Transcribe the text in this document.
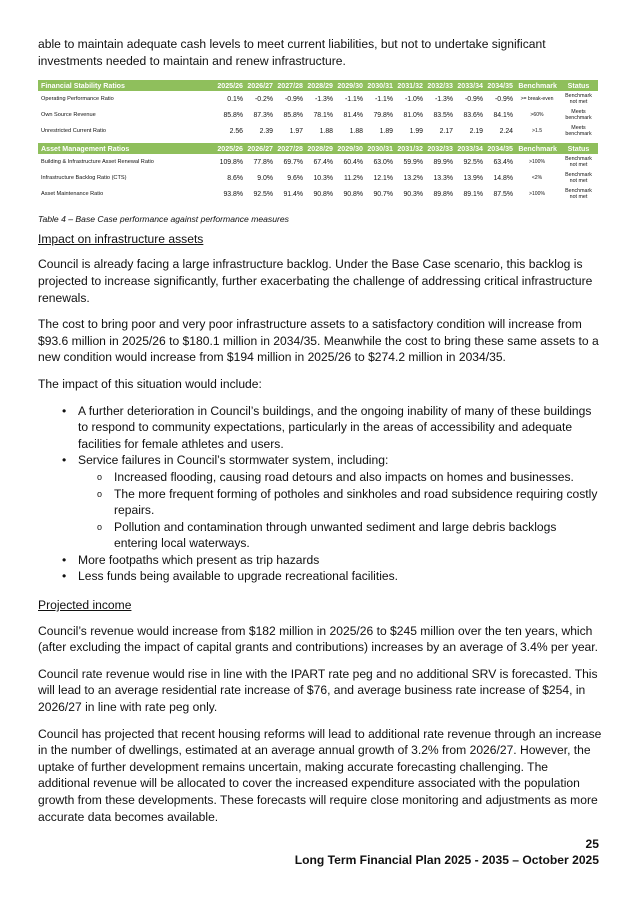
able to maintain adequate cash levels to meet current liabilities, but not to undertake significant investments needed to maintain and renew infrastructure.

Financial Stability Ratios	2025/26	2026/27	2027/28	2028/29	2029/30	2030/31	2031/32	2032/33	2033/34	2034/35	Benchmark	Status
Operating Performance Ratio	0.1%	-0.2%	-0.9%	-1.3%	-1.1%	-1.1%	-1.0%	-1.3%	-0.9%	-0.9%	>= break-even	Benchmark not met
Own Source Revenue	85.8%	87.3%	85.8%	78.1%	81.4%	79.8%	81.0%	83.5%	83.6%	84.1%	>60%	Meets benchmark
Unrestricted Current Ratio	2.56	2.39	1.97	1.88	1.88	1.89	1.99	2.17	2.19	2.24	>1.5	Meets benchmark

Asset Management Ratios	2025/26	2026/27	2027/28	2028/29	2029/30	2030/31	2031/32	2032/33	2033/34	2034/35	Benchmark	Status
Building & Infrastructure Asset Renewal Ratio	109.8%	77.8%	69.7%	67.4%	60.4%	63.0%	59.9%	89.9%	92.5%	63.4%	>100%	Benchmark not met
Infrastructure Backlog Ratio (CTS)	8.6%	9.0%	9.6%	10.3%	11.2%	12.1%	13.2%	13.3%	13.9%	14.8%	<2%	Benchmark not met
Asset Maintenance Ratio	93.8%	92.5%	91.4%	90.8%	90.8%	90.7%	90.3%	89.8%	89.1%	87.5%	>100%	Benchmark not met

Table 4 – Base Case performance against performance measures

Impact on infrastructure assets

Council is already facing a large infrastructure backlog. Under the Base Case scenario, this backlog is projected to increase significantly, further exacerbating the challenge of addressing critical infrastructure renewals.

The cost to bring poor and very poor infrastructure assets to a satisfactory condition will increase from $93.6 million in 2025/26 to $180.1 million in 2034/35. Meanwhile the cost to bring these same assets to a new condition would increase from $194 million in 2025/26 to $274.2 million in 2034/35.

The impact of this situation would include:

• A further deterioration in Council’s buildings, and the ongoing inability of many of these buildings to respond to community expectations, particularly in the areas of accessibility and adequate facilities for female athletes and users.
• Service failures in Council’s stormwater system, including:
o Increased flooding, causing road detours and also impacts on homes and businesses.
o The more frequent forming of potholes and sinkholes and road subsidence requiring costly repairs.
o Pollution and contamination through unwanted sediment and large debris backlogs entering local waterways.
• More footpaths which present as trip hazards
• Less funds being available to upgrade recreational facilities.

Projected income

Council’s revenue would increase from $182 million in 2025/26 to $245 million over the ten years, which (after excluding the impact of capital grants and contributions) increases by an average of 3.4% per year.

Council rate revenue would rise in line with the IPART rate peg and no additional SRV is forecasted. This will lead to an average residential rate increase of $76, and average business rate increase of $254, in 2026/27 in line with rate peg only.

Council has projected that recent housing reforms will lead to additional rate revenue through an increase in the number of dwellings, estimated at an average annual growth of 3.2% from 2026/27. However, the uptake of further development remains uncertain, making accurate forecasting challenging. The additional revenue will be allocated to cover the increased expenditure associated with the population growth from these developments. These forecasts will require close monitoring and adjustments as more accurate data becomes available.

25
Long Term Financial Plan 2025 - 2035 – October 2025
